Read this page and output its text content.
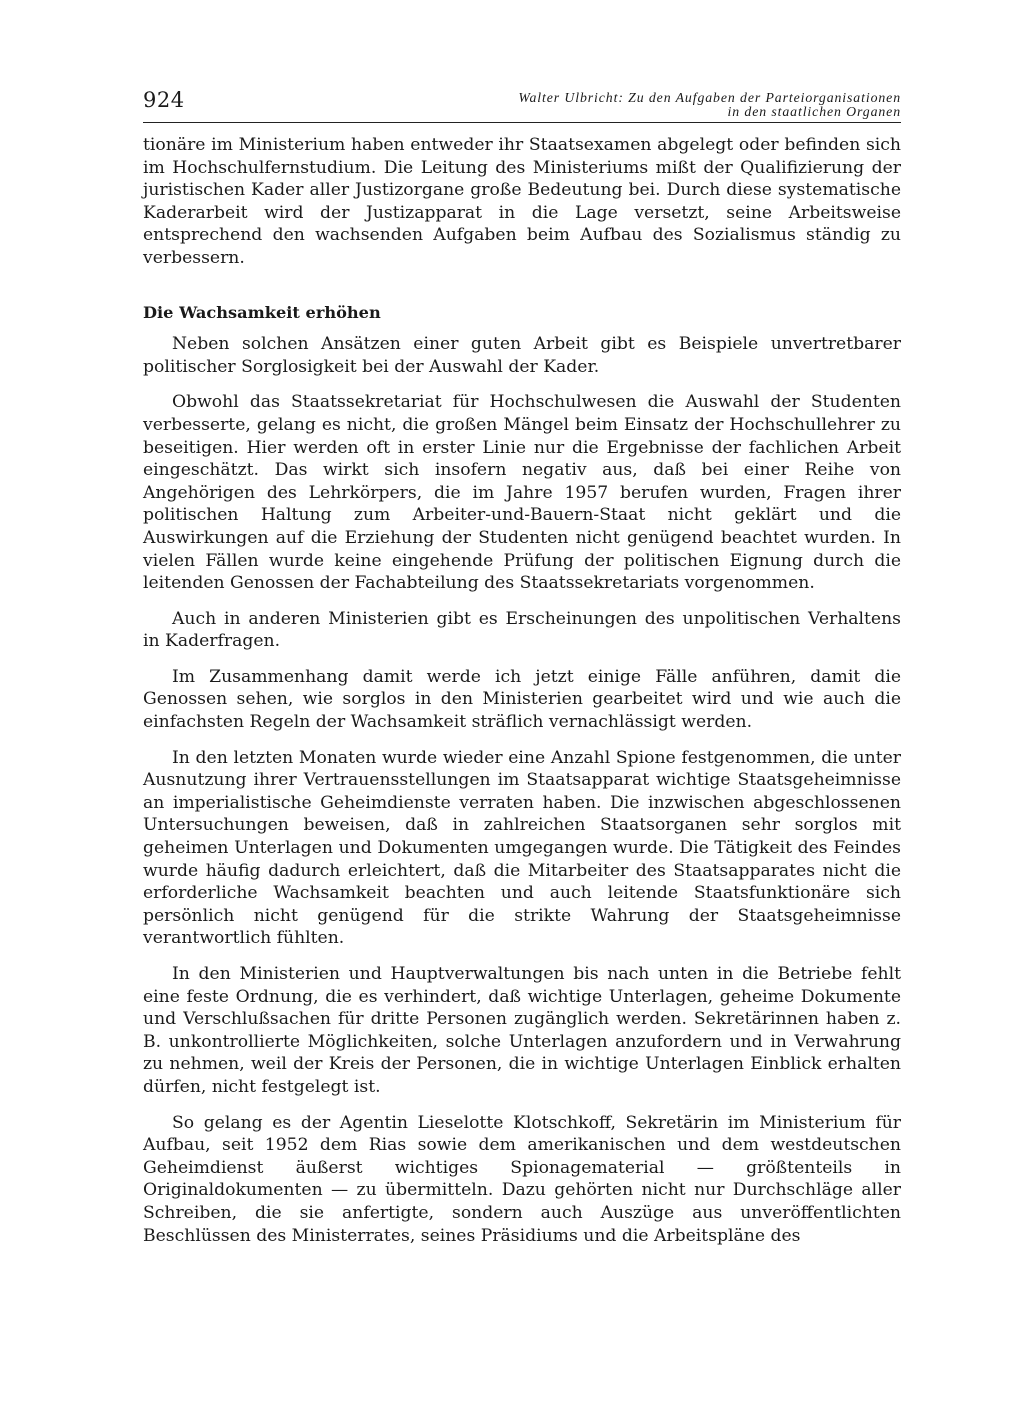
924	Walter Ulbricht: Zu den Aufgaben der Parteiorganisationen
in den staatlichen Organen

tionäre im Ministerium haben entweder ihr Staatsexamen abgelegt oder befinden sich im Hochschulfernstudium. Die Leitung des Ministeriums mißt der Qualifizierung der juristischen Kader aller Justizorgane große Bedeutung bei. Durch diese systematische Kaderarbeit wird der Justizapparat in die Lage versetzt, seine Arbeitsweise entsprechend den wachsenden Aufgaben beim Aufbau des Sozialismus ständig zu verbessern.

Die Wachsamkeit erhöhen

Neben solchen Ansätzen einer guten Arbeit gibt es Beispiele unvertretbarer politischer Sorglosigkeit bei der Auswahl der Kader.

Obwohl das Staatssekretariat für Hochschulwesen die Auswahl der Studenten verbesserte, gelang es nicht, die großen Mängel beim Einsatz der Hochschullehrer zu beseitigen. Hier werden oft in erster Linie nur die Ergebnisse der fachlichen Arbeit eingeschätzt. Das wirkt sich insofern negativ aus, daß bei einer Reihe von Angehörigen des Lehrkörpers, die im Jahre 1957 berufen wurden, Fragen ihrer politischen Haltung zum Arbeiter-und-Bauern-Staat nicht geklärt und die Auswirkungen auf die Erziehung der Studenten nicht genügend beachtet wurden. In vielen Fällen wurde keine eingehende Prüfung der politischen Eignung durch die leitenden Genossen der Fachabteilung des Staatssekretariats vorgenommen.

Auch in anderen Ministerien gibt es Erscheinungen des unpolitischen Verhaltens in Kaderfragen.

Im Zusammenhang damit werde ich jetzt einige Fälle anführen, damit die Genossen sehen, wie sorglos in den Ministerien gearbeitet wird und wie auch die einfachsten Regeln der Wachsamkeit sträflich vernachlässigt werden.

In den letzten Monaten wurde wieder eine Anzahl Spione festgenommen, die unter Ausnutzung ihrer Vertrauensstellungen im Staatsapparat wichtige Staatsgeheimnisse an imperialistische Geheimdienste verraten haben. Die inzwischen abgeschlossenen Untersuchungen beweisen, daß in zahlreichen Staatsorganen sehr sorglos mit geheimen Unterlagen und Dokumenten umgegangen wurde. Die Tätigkeit des Feindes wurde häufig dadurch erleichtert, daß die Mitarbeiter des Staatsapparates nicht die erforderliche Wachsamkeit beachten und auch leitende Staatsfunktionäre sich persönlich nicht genügend für die strikte Wahrung der Staatsgeheimnisse verantwortlich fühlten.

In den Ministerien und Hauptverwaltungen bis nach unten in die Betriebe fehlt eine feste Ordnung, die es verhindert, daß wichtige Unterlagen, geheime Dokumente und Verschlußsachen für dritte Personen zugänglich werden. Sekretärinnen haben z. B. unkontrollierte Möglichkeiten, solche Unterlagen anzufordern und in Verwahrung zu nehmen, weil der Kreis der Personen, die in wichtige Unterlagen Einblick erhalten dürfen, nicht festgelegt ist.

So gelang es der Agentin Lieselotte Klotschkoff, Sekretärin im Ministerium für Aufbau, seit 1952 dem Rias sowie dem amerikanischen und dem westdeutschen Geheimdienst äußerst wichtiges Spionagematerial — größtenteils in Originaldokumenten — zu übermitteln. Dazu gehörten nicht nur Durchschläge aller Schreiben, die sie anfertigte, sondern auch Auszüge aus unveröffentlichten Beschlüssen des Ministerrates, seines Präsidiums und die Arbeitspläne des
